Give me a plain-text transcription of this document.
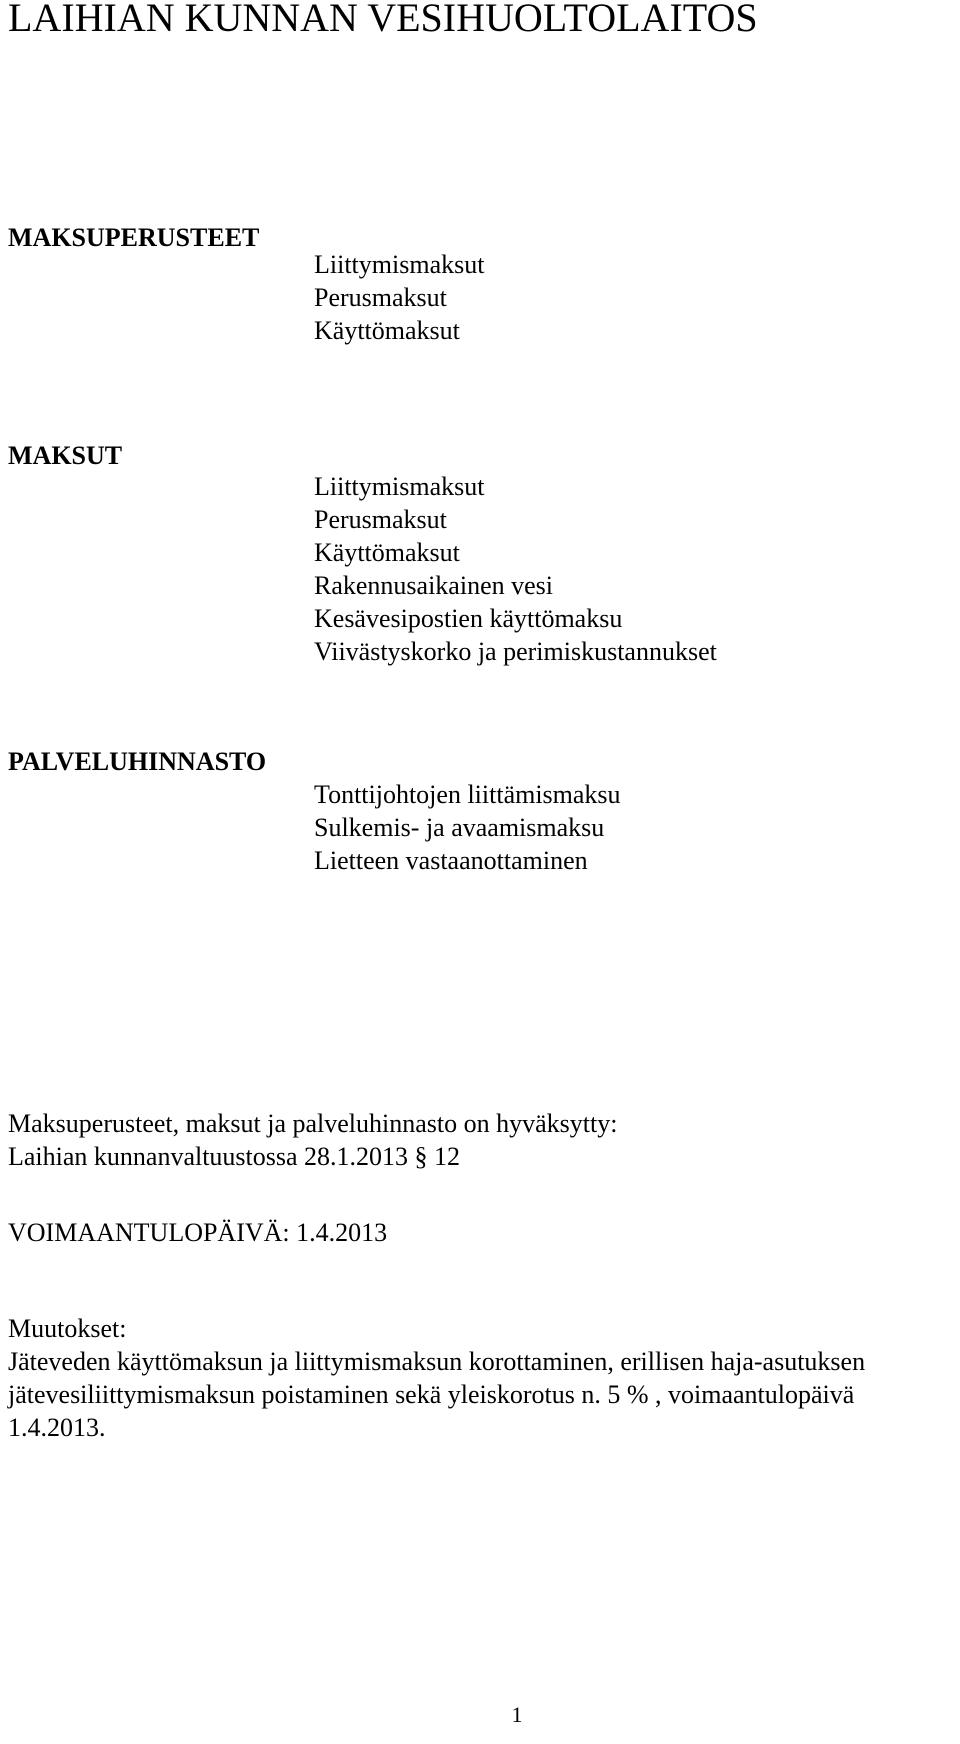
LAIHIAN KUNNAN VESIHUOLTOLAITOS
MAKSUPERUSTEET
Liittymismaksut
Perusmaksut
Käyttömaksut
MAKSUT
Liittymismaksut
Perusmaksut
Käyttömaksut
Rakennusaikainen vesi
Kesävesipostien käyttömaksu
Viivästyskorko ja perimiskustannukset
PALVELUHINNASTO
Tonttijohtojen liittämismaksu
Sulkemis- ja avaamismaksu
Lietteen vastaanottaminen
Maksuperusteet, maksut ja palveluhinnasto on hyväksytty:
Laihian kunnanvaltuustossa 28.1.2013 § 12
VOIMAANTULOPÄIVÄ: 1.4.2013
Muutokset:
Jäteveden käyttömaksun ja liittymismaksun korottaminen, erillisen haja-asutuksen jätevesiliittymismaksun poistaminen sekä yleiskorotus n. 5 % , voimaantulopäivä 1.4.2013.
1
